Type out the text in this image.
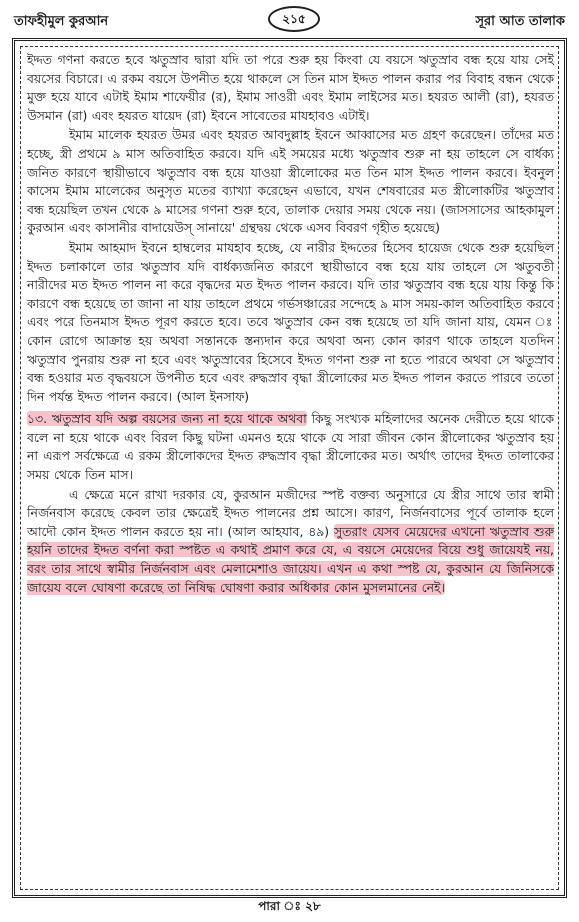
তাফহীমুল কুরআন	২১৫	সূরা আত তালাক

ইদ্দত গণনা করতে হবে ঋতুস্রাব দ্বারা যদি তা পরে শুরু হয় কিংবা যে বয়সে ঋতুস্রাব বন্ধ হয়ে যায় সেই বয়সের বিচারে। এ রকম বয়সে উপনীত হয়ে থাকলে সে তিন মাস ইদ্দত পালন করার পর বিবাহ বন্ধন থেকে মুক্ত হয়ে যাবে এটাই ইমাম শাফেয়ীর (র), ইমাম সাওরী এবং ইমাম লাইসের মত। হযরত আলী (রা), হযরত উসমান (রা) এবং হযরত যায়েদ (রা) ইবনে সাবেতের মাযহাবও এটাই।

ইমাম মালেক হযরত উমর এবং হযরত আবদুল্লাহ ইবনে আব্বাসের মত গ্রহণ করেছেন। তাঁদের মত হচ্ছে, স্ত্রী প্রথমে ৯ মাস অতিবাহিত করবে। যদি এই সময়ের মধ্যে ঋতুস্রাব শুরু না হয় তাহলে সে বার্ধক্য জনিত কারণে স্থায়ীভাবে ঋতুস্রাব বন্ধ হয়ে যাওয়া স্ত্রীলোকের মত তিন মাস ইদ্দত পালন করবে। ইবনুল কাসেম ইমাম মালেকের অনুসৃত মতের ব্যাখ্যা করেছেন এভাবে, যখন শেষবারের মত স্ত্রীলোকটির ঋতুস্রাব বন্ধ হয়েছিল তখন থেকে ৯ মাসের গণনা শুরু হবে, তালাক দেয়ার সময় থেকে নয়। (জাসসাসের আহকামুল কুরআন এবং কাসানীর বাদায়েউস্ সানায়ে' গ্রন্থদ্বয় থেকে এসব বিবরণ গৃহীত হয়েছে)

ইমাম আহমাদ ইবনে হাম্বলের মাযহাব হচ্ছে, যে নারীর ইদ্দতের হিসেব হায়েজ থেকে শুরু হয়েছিল ইদ্দত চলাকালে তার ঋতুস্রাব যদি বার্ধক্যজনিত কারণে স্থায়ীভাবে বন্ধ হয়ে যায় তাহলে সে ঋতুবতী নারীদের মত ইদ্দত পালন না করে বৃদ্ধদের মত ইদ্দত পালন করবে। যদি তার ঋতুস্রাব বন্ধ হয়ে যায় কিন্তু কি কারণে বন্ধ হয়েছে তা জানা না যায় তাহলে প্রথমে গর্ভসঞ্চারের সন্দেহে ৯ মাস সময়-কাল অতিবাহিত করবে এবং পরে তিনমাস ইদ্দত পূরণ করতে হবে। তবে ঋতুস্রাব কেন বন্ধ হয়েছে তা যদি জানা যায়, যেমন ঃ কোন রোগে আক্রান্ত হয় অথবা সন্তানকে স্তন্যদান করে অথবা অন্য কোন কারণ থাকে তাহলে যতদিন ঋতুস্রাব পুনরায় শুরু না হবে এবং ঋতুস্রাবের হিসেবে ইদ্দত গণনা শুরু না হতে পারবে অথবা সে ঋতুস্রাব বন্ধ হওয়ার মত বৃদ্ধবয়সে উপনীত হবে এবং রুদ্ধস্রাব বৃদ্ধা স্ত্রীলোকের মত ইদ্দত পালন করতে পারবে ততো দিন পর্যন্ত ইদ্দত পালন করবে। (আল ইনসাফ)

১৩. ঋতুস্রাব যদি অল্প বয়সের জন্য না হয়ে থাকে অথবা কিছু সংখ্যক মহিলাদের অনেক দেরীতে হয়ে থাকে বলে না হয়ে থাকে এবং বিরল কিছু ঘটনা এমনও হয়ে থাকে যে সারা জীবন কোন স্ত্রীলোকের ঋতুস্রাব হয় না এরূপ সর্বক্ষেত্রে এ রকম স্ত্রীলোকদের ইদ্দত রুদ্ধস্রাব বৃদ্ধা স্ত্রীলোকের মত। অর্থাৎ তাদের ইদ্দত তালাকের সময় থেকে তিন মাস।

এ ক্ষেত্রে মনে রাখা দরকার যে, কুরআন মজীদের স্পষ্ট বক্তব্য অনুসারে যে স্ত্রীর সাথে তার স্বামী নির্জনবাস করেছে কেবল তার ক্ষেত্রেই ইদ্দত পালনের প্রশ্ন আসে। কারণ, নির্জনবাসের পূর্বে তালাক হলে আদৌ কোন ইদ্দত পালন করতে হয় না। (আল আহযাব, ৪৯) সুতরাং যেসব মেয়েদের এখনো ঋতুস্রাব শুরু হয়নি তাদের ইদ্দত বর্ণনা করা স্পষ্টত এ কথাই প্রমাণ করে যে, এ বয়সে মেয়েদের বিয়ে শুধু জায়েযই নয়, বরং তার সাথে স্বামীর নির্জনবাস এবং মেলামেশাও জায়েয। এখন এ কথা স্পষ্ট যে, কুরআন যে জিনিসকে জায়েয বলে ঘোষণা করেছে তা নিষিদ্ধ ঘোষণা করার অধিকার কোন মুসলমানের নেই।

পারা ঃ ২৮
